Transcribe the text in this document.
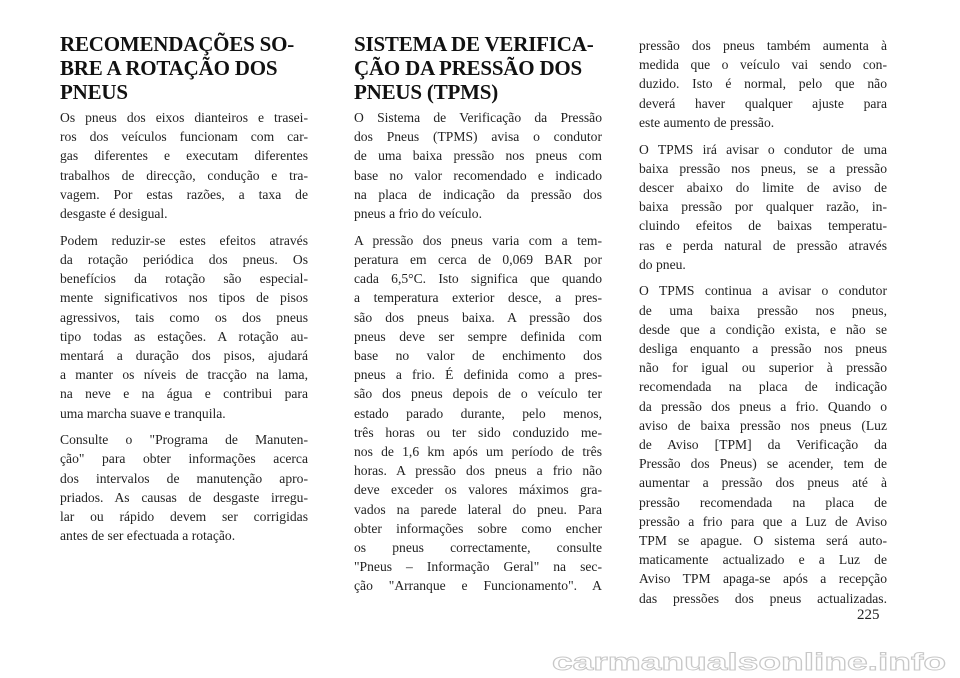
RECOMENDAÇÕES SO-
BRE A ROTAÇÃO DOS
PNEUS

Os pneus dos eixos dianteiros e trasei-
ros dos veículos funcionam com car-
gas diferentes e executam diferentes
trabalhos de direcção, condução e tra-
vagem. Por estas razões, a taxa de
desgaste é desigual.

Podem reduzir-se estes efeitos através
da rotação periódica dos pneus. Os
benefícios da rotação são especial-
mente significativos nos tipos de pisos
agressivos, tais como os dos pneus
tipo todas as estações. A rotação au-
mentará a duração dos pisos, ajudará
a manter os níveis de tracção na lama,
na neve e na água e contribui para
uma marcha suave e tranquila.

Consulte o "Programa de Manuten-
ção" para obter informações acerca
dos intervalos de manutenção apro-
priados. As causas de desgaste irregu-
lar ou rápido devem ser corrigidas
antes de ser efectuada a rotação.

SISTEMA DE VERIFICA-
ÇÃO DA PRESSÃO DOS
PNEUS (TPMS)

O Sistema de Verificação da Pressão
dos Pneus (TPMS) avisa o condutor
de uma baixa pressão nos pneus com
base no valor recomendado e indicado
na placa de indicação da pressão dos
pneus a frio do veículo.

A pressão dos pneus varia com a tem-
peratura em cerca de 0,069 BAR por
cada 6,5°C. Isto significa que quando
a temperatura exterior desce, a pres-
são dos pneus baixa. A pressão dos
pneus deve ser sempre definida com
base no valor de enchimento dos
pneus a frio. É definida como a pres-
são dos pneus depois de o veículo ter
estado parado durante, pelo menos,
três horas ou ter sido conduzido me-
nos de 1,6 km após um período de três
horas. A pressão dos pneus a frio não
deve exceder os valores máximos gra-
vados na parede lateral do pneu. Para
obter informações sobre como encher
os pneus correctamente, consulte
"Pneus – Informação Geral" na sec-
ção "Arranque e Funcionamento". A

pressão dos pneus também aumenta à
medida que o veículo vai sendo con-
duzido. Isto é normal, pelo que não
deverá haver qualquer ajuste para
este aumento de pressão.

O TPMS irá avisar o condutor de uma
baixa pressão nos pneus, se a pressão
descer abaixo do limite de aviso de
baixa pressão por qualquer razão, in-
cluindo efeitos de baixas temperatu-
ras e perda natural de pressão através
do pneu.

O TPMS continua a avisar o condutor
de uma baixa pressão nos pneus,
desde que a condição exista, e não se
desliga enquanto a pressão nos pneus
não for igual ou superior à pressão
recomendada na placa de indicação
da pressão dos pneus a frio. Quando o
aviso de baixa pressão nos pneus (Luz
de Aviso [TPM] da Verificação da
Pressão dos Pneus) se acender, tem de
aumentar a pressão dos pneus até à
pressão recomendada na placa de
pressão a frio para que a Luz de Aviso
TPM se apague. O sistema será auto-
maticamente actualizado e a Luz de
Aviso TPM apaga-se após a recepção
das pressões dos pneus actualizadas.

225
carmanualsonline.info
